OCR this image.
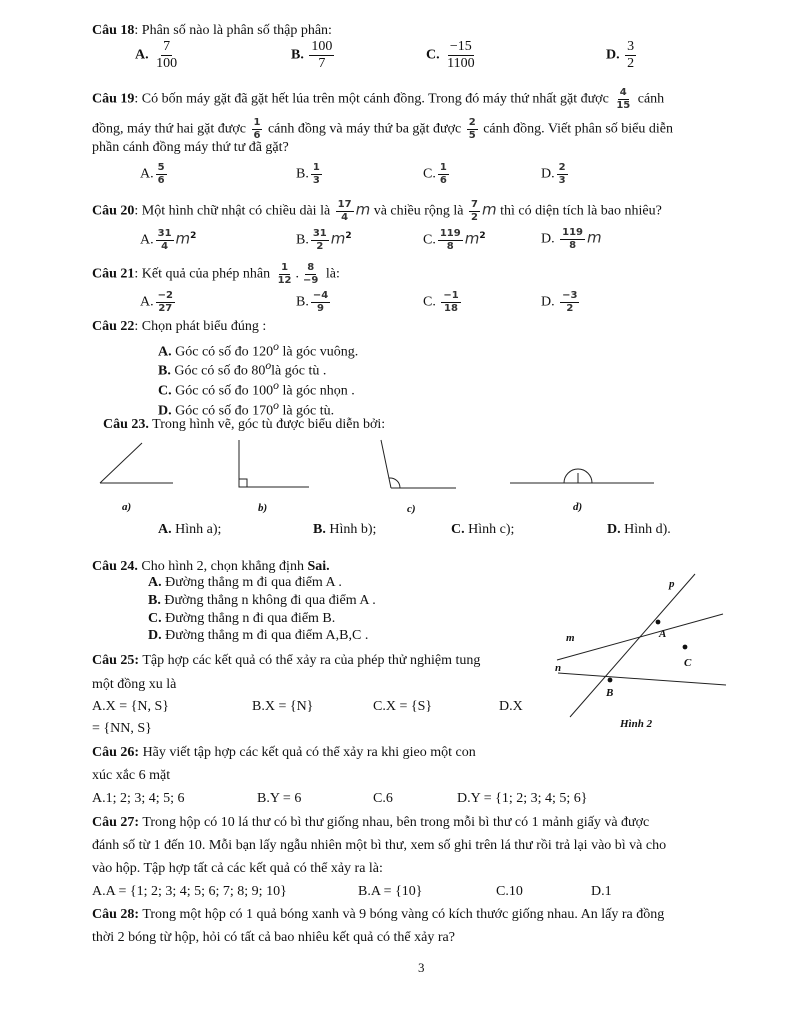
Câu 18: Phân số nào là phân số thập phân:
A. $\frac{7}{100}$	B. $\frac{100}{7}$	C. $\frac{-15}{1100}$	D. $\frac{3}{2}$
Câu 19: Có bốn máy gặt đã gặt hết lúa trên một cánh đồng. Trong đó máy thứ nhất gặt được $\frac{4}{15}$ cánh
đồng, máy thứ hai gặt được $\frac{1}{6}$ cánh đồng và máy thứ ba gặt được $\frac{2}{5}$ cánh đồng. Viết phân số biểu diễn
phần cánh đồng máy thứ tư đã gặt?
A. $\frac{5}{6}$	B. $\frac{1}{3}$	C. $\frac{1}{6}$	D. $\frac{2}{3}$
Câu 20: Một hình chữ nhật có chiều dài là $\frac{17}{4}$ m và chiều rộng là $\frac{7}{2}$ m thì có diện tích là bao nhiêu?
A. $\frac{31}{4} m^2$	B. $\frac{31}{2} m^2$	C. $\frac{119}{8} m^2$	D. $\frac{119}{8}$ m
Câu 21: Kết quả của phép nhân $\frac{1}{12}$ . $\frac{8}{-9}$ là:
A. $\frac{-2}{27}$	B. $\frac{-4}{9}$	C. $\frac{-1}{18}$	D. $\frac{-3}{2}$
Câu 22: Chọn phát biểu đúng :
A. Góc có số đo 120$^o$ là góc vuông.
B. Góc có số đo 80$^o$là góc tù .
C. Góc có số đo 100$^o$ là góc nhọn .
D. Góc có số đo 170$^o$ là góc tù.
Câu 23. Trong hình vẽ, góc tù được biểu diễn bởi:
a)	b)	c)	d)
A. Hình a);	B. Hình b);	C. Hình c);	D. Hình d).
Câu 24. Cho hình 2, chọn khẳng định Sai.
A. Đường thẳng m đi qua điểm A .
B. Đường thẳng n không đi qua điểm A .
C. Đường thẳng n đi qua điểm B.
D. Đường thẳng m đi qua điểm A,B,C .
p
m
n
A
C
B
Hình 2
Câu 25: Tập hợp các kết quả có thể xảy ra của phép thử nghiệm tung
một đồng xu là
A.X = {N, S}	B.X = {N}	C.X = {S}	D.X
= {NN, S}
Câu 26: Hãy viết tập hợp các kết quả có thể xảy ra khi gieo một con
xúc xắc 6 mặt
A.1; 2; 3; 4; 5; 6	B.Y = 6	C.6	D.Y = {1; 2; 3; 4; 5; 6}
Câu 27: Trong hộp có 10 lá thư có bì thư giống nhau, bên trong mỗi bì thư có 1 mảnh giấy và được
đánh số từ 1 đến 10. Mỗi bạn lấy ngẫu nhiên một bì thư, xem số ghi trên lá thư rồi trả lại vào bì và cho
vào hộp. Tập hợp tất cả các kết quả có thể xảy ra là:
A.A = {1; 2; 3; 4; 5; 6; 7; 8; 9; 10}	B.A = {10}	C.10	D.1
Câu 28: Trong một hộp có 1 quả bóng xanh và 9 bóng vàng có kích thước giống nhau. An lấy ra đồng
thời 2 bóng từ hộp, hỏi có tất cả bao nhiêu kết quả có thể xảy ra?
3
